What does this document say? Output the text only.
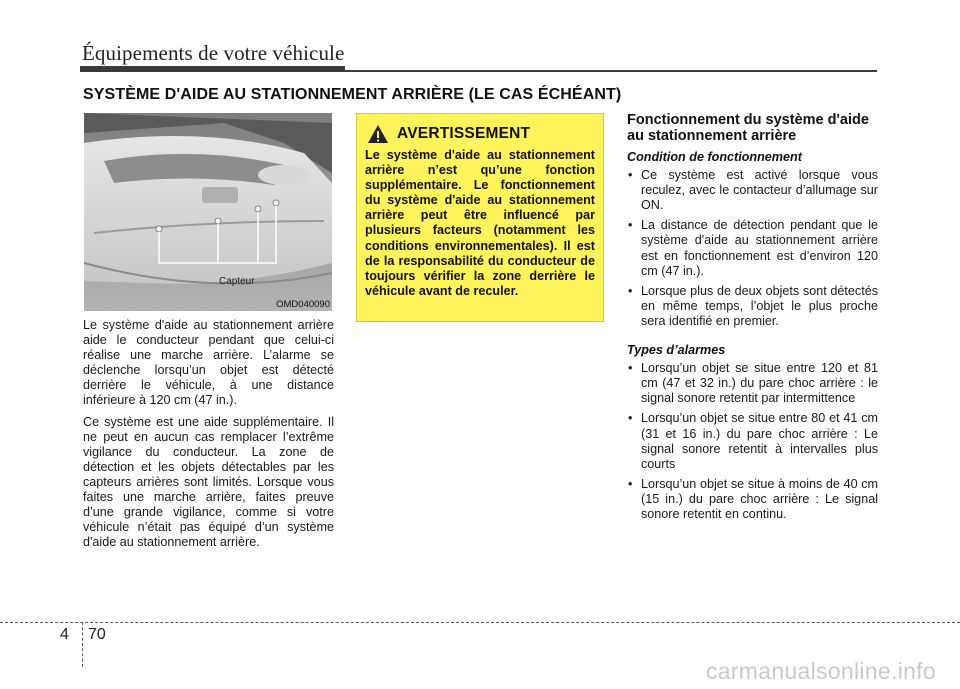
Équipements de votre véhicule
SYSTÈME D'AIDE AU STATIONNEMENT ARRIÈRE (LE CAS ÉCHÉANT)
Capteur
OMD040090

Le système d'aide au stationnement arrière aide le conducteur pendant que celui-ci réalise une marche arrière. L’alarme se déclenche lorsqu’un objet est détecté derrière le véhicule, à une distance inférieure à 120 cm (47 in.).

Ce système est une aide supplémentaire. Il ne peut en aucun cas remplacer l’extrême vigilance du conducteur. La zone de détection et les objets détectables par les capteurs arrières sont limités. Lorsque vous faites une marche arrière, faites preuve d’une grande vigilance, comme si votre véhicule n’était pas équipé d’un système d'aide au stationnement arrière.

AVERTISSEMENT
Le système d'aide au stationnement arrière n’est qu’une fonction supplémentaire. Le fonctionnement du système d'aide au stationnement arrière peut être influencé par plusieurs facteurs (notamment les conditions environnementales). Il est de la responsabilité du conducteur de toujours vérifier la zone derrière le véhicule avant de reculer.
Fonctionnement du système d'aide au stationnement arrière
Condition de fonctionnement
• Ce système est activé lorsque vous reculez, avec le contacteur d’allumage sur ON.
• La distance de détection pendant que le système d'aide au stationnement arrière est en fonctionnement est d’environ 120 cm (47 in.).
• Lorsque plus de deux objets sont détectés en même temps, l’objet le plus proche sera identifié en premier.
Types d’alarmes
• Lorsqu’un objet se situe entre 120 et 81 cm (47 et 32 in.) du pare choc arrière : le signal sonore retentit par intermittence
• Lorsqu’un objet se situe entre 80 et 41 cm (31 et 16 in.) du pare choc arrière : Le signal sonore retentit à intervalles plus courts
• Lorsqu’un objet se situe à moins de 40 cm (15 in.) du pare choc arrière : Le signal sonore retentit en continu.
4 70
carmanualsonline.info
